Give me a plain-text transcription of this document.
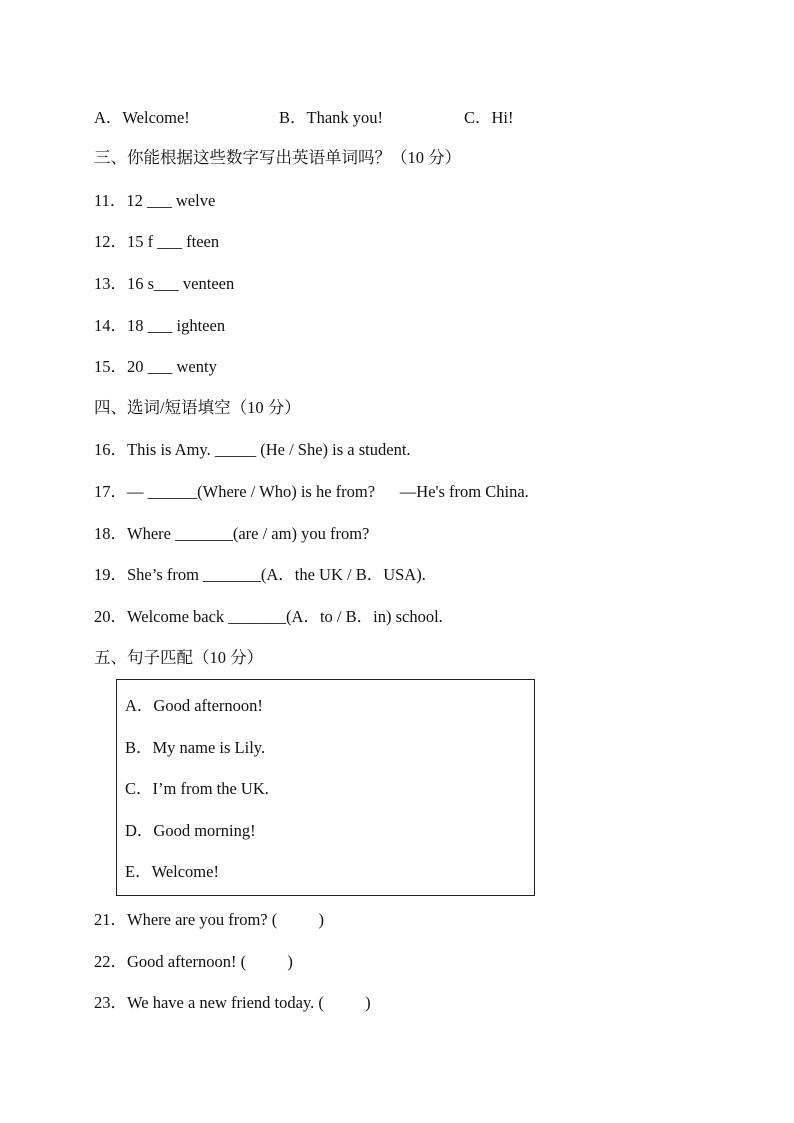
A．Welcome!

	B．Thank you!

	C．Hi!

三、你能根据这些数字写出英语单词吗？（10 分）
11．12 ___ welve
12．15 f ___ fteen
13．16 s___ venteen
14．18 ___ ighteen
15．20 ___ wenty
四、选词/短语填空（10 分）
16．This is Amy. _____ (He / She) is a student.
17．— ______(Where / Who) is he from?      —He's from China.
18．Where _______(are / am) you from?
19．She’s from _______(A．the UK / B．USA).
20．Welcome back _______(A．to / B．in) school.
五、句子匹配（10 分）
A．Good afternoon!
B．My name is Lily.
C．I’m from the UK.
D．Good morning!
E．Welcome!
21．Where are you from? (          )
22．Good afternoon! (          )
23．We have a new friend today. (          )
